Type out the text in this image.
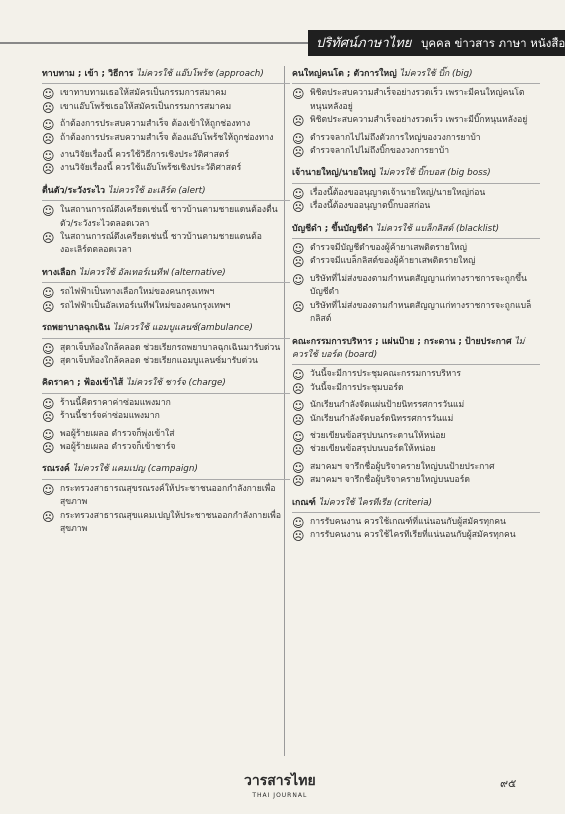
ปริทัศน์ภาษาไทย บุคคล ข่าวสาร ภาษา หนังสือ
ทาบทาม ; เข้า ; วิธีการ ไม่ควรใช้ แอ๊บโพร้ช (approach)
☺ เขาทาบทามเธอให้สมัครเป็นกรรมการสมาคม
☹ เขาแอ๊บโพร้ชเธอให้สมัครเป็นกรรมการสมาคม
☺ ถ้าต้องการประสบความสำเร็จ ต้องเข้าให้ถูกช่องทาง
☹ ถ้าต้องการประสบความสำเร็จ ต้องแอ๊บโพร้ชให้ถูกช่องทาง
☺ งานวิจัยเรื่องนี้ ควรใช้วิธีการเชิงประวัติศาสตร์
☹ งานวิจัยเรื่องนี้ ควรใช้แอ๊บโพร้ชเชิงประวัติศาสตร์
ตื่นตัว/ระวังระไว ไม่ควรใช้ อะเลิร์ต (alert)
☺ ในสถานการณ์ตึงเครียดเช่นนี้ ชาวบ้านตามชายแดนต้องตื่นตัว/ระวังระไวตลอดเวลา
☹ ในสถานการณ์ตึงเครียดเช่นนี้ ชาวบ้านตามชายแดนต้องอะเลิร์ตตลอดเวลา
ทางเลือก ไม่ควรใช้ อัลเทอร์เนทีฟ (alternative)
☺ รถไฟฟ้าเป็นทางเลือกใหม่ของคนกรุงเทพฯ
☹ รถไฟฟ้าเป็นอัลเทอร์เนทีฟใหม่ของคนกรุงเทพฯ
รถพยาบาลฉุกเฉิน ไม่ควรใช้ แอมบูแลนซ์(ambulance)
☺ สุดาเจ็บท้องใกล้คลอด ช่วยเรียกรถพยาบาลฉุกเฉินมารับด่วน
☹ สุดาเจ็บท้องใกล้คลอด ช่วยเรียกแอมบูแลนซ์มารับด่วน
คิดราคา ; ฟ้องเข้าไส้ ไม่ควรใช้ ชาร์จ (charge)
☺ ร้านนี้คิดราคาค่าซ่อมแพงมาก
☹ ร้านนี้ชาร์จค่าซ่อมแพงมาก
☺ พอผู้ร้ายเผลอ ตำรวจก็พุ่งเข้าใส่
☹ พอผู้ร้ายเผลอ ตำรวจก็เข้าชาร์จ
รณรงค์ ไม่ควรใช้ แคมเปญ (campaign)
☺ กระทรวงสาธารณสุขรณรงค์ให้ประชาชนออกกำลังกายเพื่อสุขภาพ
☹ กระทรวงสาธารณสุขแคมเปญให้ประชาชนออกกำลังกายเพื่อสุขภาพ
คนใหญ่คนโต ; ตัวการใหญ่ ไม่ควรใช้ บิ๊ก (big)
☺ พิชิตประสบความสำเร็จอย่างรวดเร็ว เพราะมีคนใหญ่คนโตหนุนหลังอยู่
☹ พิชิตประสบความสำเร็จอย่างรวดเร็ว เพราะมีบิ๊กหนุนหลังอยู่
☺ ตำรวจลากไปไม่ถึงตัวการใหญ่ของวงการยาบ้า
☹ ตำรวจลากไปไม่ถึงบิ๊กของวงการยาบ้า
เจ้านายใหญ่/นายใหญ่ ไม่ควรใช้ บิ๊กบอส (big boss)
☺ เรื่องนี้ต้องขออนุญาตเจ้านายใหญ่/นายใหญ่ก่อน
☹ เรื่องนี้ต้องขออนุญาตบิ๊กบอสก่อน
บัญชีดำ ; ขึ้นบัญชีดำ ไม่ควรใช้ แบล็กลิสต์ (blacklist)
☺ ตำรวจมีบัญชีดำของผู้ค้ายาเสพติดรายใหญ่
☹ ตำรวจมีแบล็กลิสต์ของผู้ค้ายาเสพติดรายใหญ่
☺ บริษัทที่ไม่ส่งของตามกำหนดสัญญาแก่ทางราชการจะถูกขึ้นบัญชีดำ
☹ บริษัทที่ไม่ส่งของตามกำหนดสัญญาแก่ทางราชการจะถูกแบล็กลิสต์
คณะกรรมการบริหาร ; แผ่นป้าย ; กระดาน ; ป้ายประกาศ ไม่ควรใช้ บอร์ด (board)
☺ วันนี้จะมีการประชุมคณะกรรมการบริหาร
☹ วันนี้จะมีการประชุมบอร์ด
☺ นักเรียนกำลังจัดแผ่นป้ายนิทรรศการวันแม่
☹ นักเรียนกำลังจัดบอร์ดนิทรรศการวันแม่
☺ ช่วยเขียนข้อสรุปบนกระดานให้หน่อย
☹ ช่วยเขียนข้อสรุปบนบอร์ดให้หน่อย
☺ สมาคมฯ จารึกชื่อผู้บริจาครายใหญ่บนป้ายประกาศ
☹ สมาคมฯ จารึกชื่อผู้บริจาครายใหญ่บนบอร์ด
เกณฑ์ ไม่ควรใช้ ไครทีเรีย (criteria)
☺ การรับคนงาน ควรใช้เกณฑ์ที่แน่นอนกับผู้สมัครทุกคน
☹ การรับคนงาน ควรใช้ไครทีเรียที่แน่นอนกับผู้สมัครทุกคน
วารสารไทย
THAI JOURNAL
๙๕
